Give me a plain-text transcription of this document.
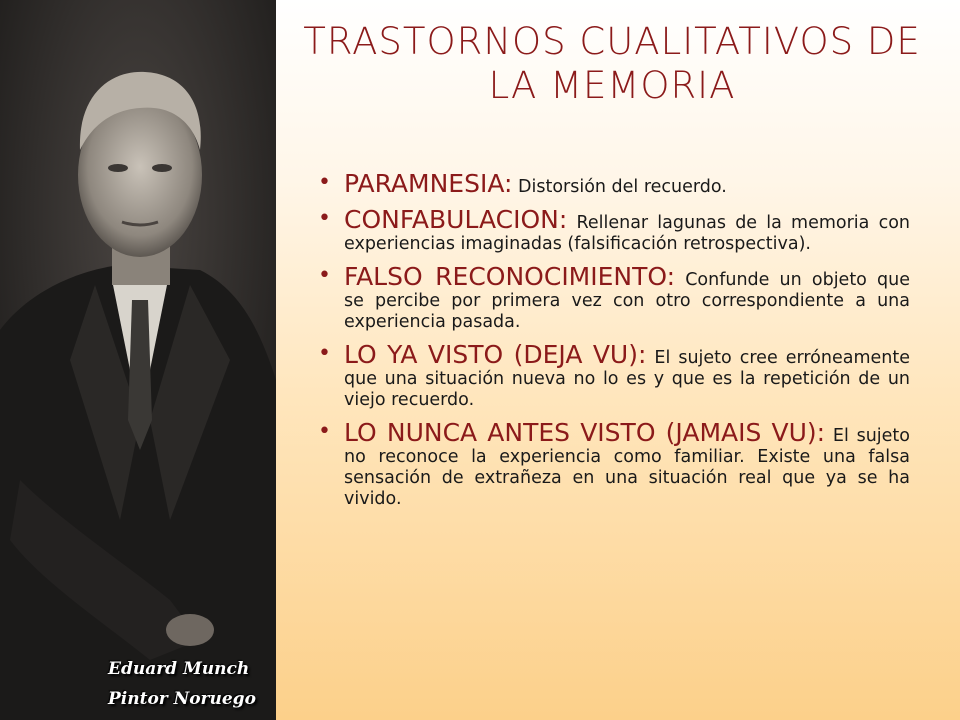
Eduard Munch
Pintor Noruego
TRASTORNOS CUALITATIVOS DE LA MEMORIA
• PARAMNESIA: Distorsión del recuerdo.
• CONFABULACION: Rellenar lagunas de la memoria con experiencias imaginadas (falsificación retrospectiva).
• FALSO RECONOCIMIENTO: Confunde un objeto que se percibe por primera vez con otro correspondiente a una experiencia pasada.
• LO YA VISTO (DEJA VU): El sujeto cree erróneamente que una situación nueva no lo es y que es la repetición de un viejo recuerdo.
• LO NUNCA ANTES VISTO (JAMAIS VU): El sujeto no reconoce la experiencia como familiar. Existe una falsa sensación de extrañeza en una situación real que ya se ha vivido.
